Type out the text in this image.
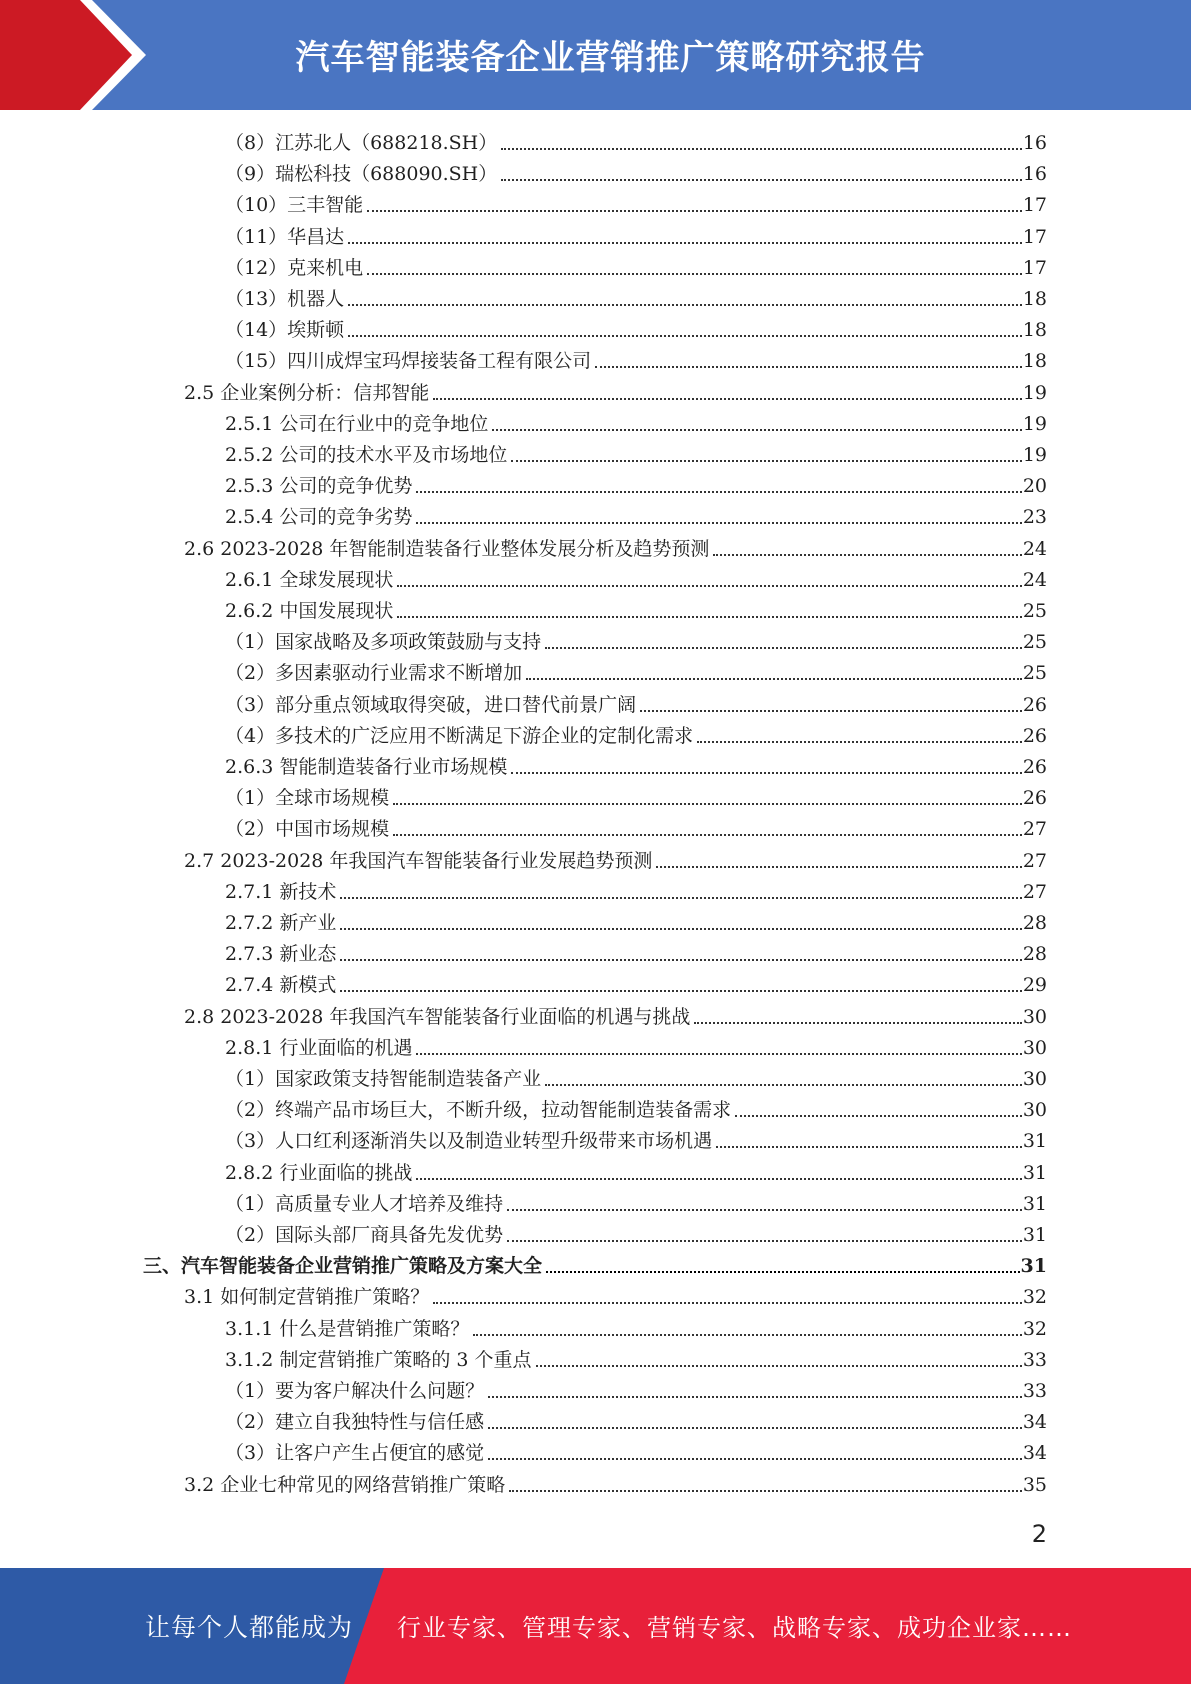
汽车智能装备企业营销推广策略研究报告
（8）江苏北人（688218.SH）	16
（9）瑞松科技（688090.SH）	16
（10）三丰智能	17
（11）华昌达	17
（12）克来机电	17
（13）机器人	18
（14）埃斯顿	18
（15）四川成焊宝玛焊接装备工程有限公司	18
2.5 企业案例分析：信邦智能	19
2.5.1 公司在行业中的竞争地位	19
2.5.2 公司的技术水平及市场地位	19
2.5.3 公司的竞争优势	20
2.5.4 公司的竞争劣势	23
2.6 2023-2028 年智能制造装备行业整体发展分析及趋势预测	24
2.6.1 全球发展现状	24
2.6.2 中国发展现状	25
（1）国家战略及多项政策鼓励与支持	25
（2）多因素驱动行业需求不断增加	25
（3）部分重点领域取得突破，进口替代前景广阔	26
（4）多技术的广泛应用不断满足下游企业的定制化需求	26
2.6.3 智能制造装备行业市场规模	26
（1）全球市场规模	26
（2）中国市场规模	27
2.7 2023-2028 年我国汽车智能装备行业发展趋势预测	27
2.7.1 新技术	27
2.7.2 新产业	28
2.7.3 新业态	28
2.7.4 新模式	29
2.8 2023-2028 年我国汽车智能装备行业面临的机遇与挑战	30
2.8.1 行业面临的机遇	30
（1）国家政策支持智能制造装备产业	30
（2）终端产品市场巨大，不断升级，拉动智能制造装备需求	30
（3）人口红利逐渐消失以及制造业转型升级带来市场机遇	31
2.8.2 行业面临的挑战	31
（1）高质量专业人才培养及维持	31
（2）国际头部厂商具备先发优势	31
三、汽车智能装备企业营销推广策略及方案大全	31
3.1 如何制定营销推广策略？	32
3.1.1 什么是营销推广策略？	32
3.1.2 制定营销推广策略的 3 个重点	33
（1）要为客户解决什么问题？	33
（2）建立自我独特性与信任感	34
（3）让客户产生占便宜的感觉	34
3.2 企业七种常见的网络营销推广策略	35
2
让每个人都能成为 行业专家、管理专家、营销专家、战略专家、成功企业家……
